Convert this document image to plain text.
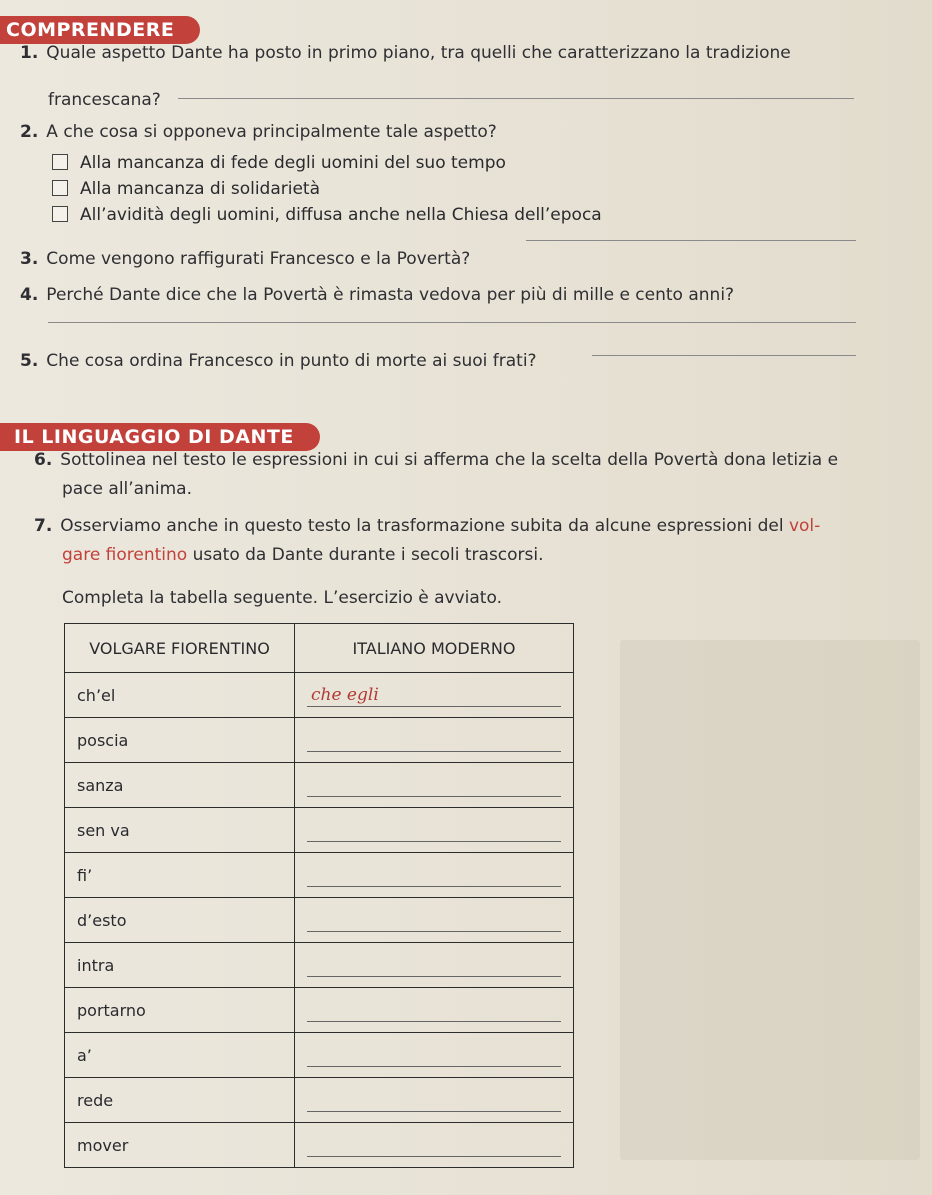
COMPRENDERE
1. Quale aspetto Dante ha posto in primo piano, tra quelli che caratterizzano la tradizione
francescana?
2. A che cosa si opponeva principalmente tale aspetto?
Alla mancanza di fede degli uomini del suo tempo
Alla mancanza di solidarietà
All’avidità degli uomini, diffusa anche nella Chiesa dell’epoca
3. Come vengono raffigurati Francesco e la Povertà?
4. Perché Dante dice che la Povertà è rimasta vedova per più di mille e cento anni?
5. Che cosa ordina Francesco in punto di morte ai suoi frati?
IL LINGUAGGIO DI DANTE
6. Sottolinea nel testo le espressioni in cui si afferma che la scelta della Povertà dona letizia e
pace all’anima.
7. Osserviamo anche in questo testo la trasformazione subita da alcune espressioni del vol-
gare fiorentino usato da Dante durante i secoli trascorsi.
Completa la tabella seguente. L’esercizio è avviato.
VOLGARE FIORENTINO	ITALIANO MODERNO
ch’el	che egli

poscia	

sanza	

sen va	

fi’	

d’esto	

intra	

portarno	

a’	

rede	

mover	
